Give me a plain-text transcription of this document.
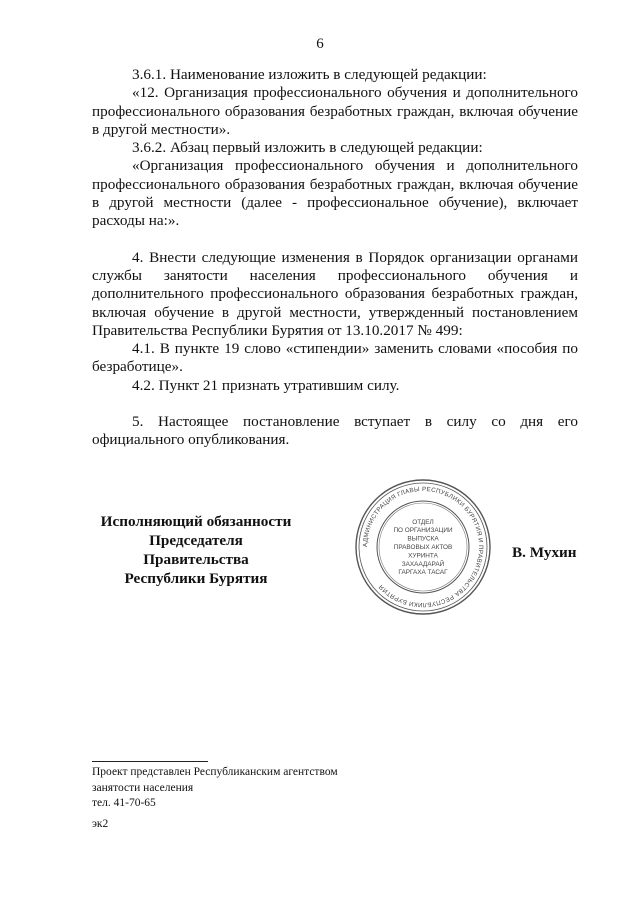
6

3.6.1. Наименование изложить в следующей редакции:

«12. Организация профессионального обучения и дополнительного профессионального образования безработных граждан, включая обучение в другой местности».

3.6.2. Абзац первый изложить в следующей редакции:

«Организация профессионального обучения и дополнительного профессионального образования безработных граждан, включая обучение в другой местности (далее - профессиональное обучение), включает расходы на:».

4. Внести следующие изменения в Порядок организации органами службы занятости населения профессионального обучения и дополнительного профессионального образования безработных граждан, включая обучение в другой местности, утвержденный постановлением Правительства Республики Бурятия от 13.10.2017 № 499:

4.1. В пункте 19 слово «стипендии» заменить словами «пособия по безработице».

4.2. Пункт 21 признать утратившим силу.

5. Настоящее постановление вступает в силу со дня его официального опубликования.

Исполняющий обязанности
Председателя Правительства
Республики Бурятия
АДМИНИСТРАЦИЯ ГЛАВЫ РЕСПУБЛИКИ БУРЯТИЯ И ПРАВИТЕЛЬСТВА РЕСПУБЛИКИ БУРЯТИЯ
ОТДЕЛ
ПО ОРГАНИЗАЦИИ
ВЫПУСКА
ПРАВОВЫХ АКТОВ
ХУРИНТА
ЗАХААДАРАЙ
ГАРГАХА ТАСАГ
В. Мухин
Проект представлен Республиканским агентством
занятости населения
тел. 41-70-65
эк2
